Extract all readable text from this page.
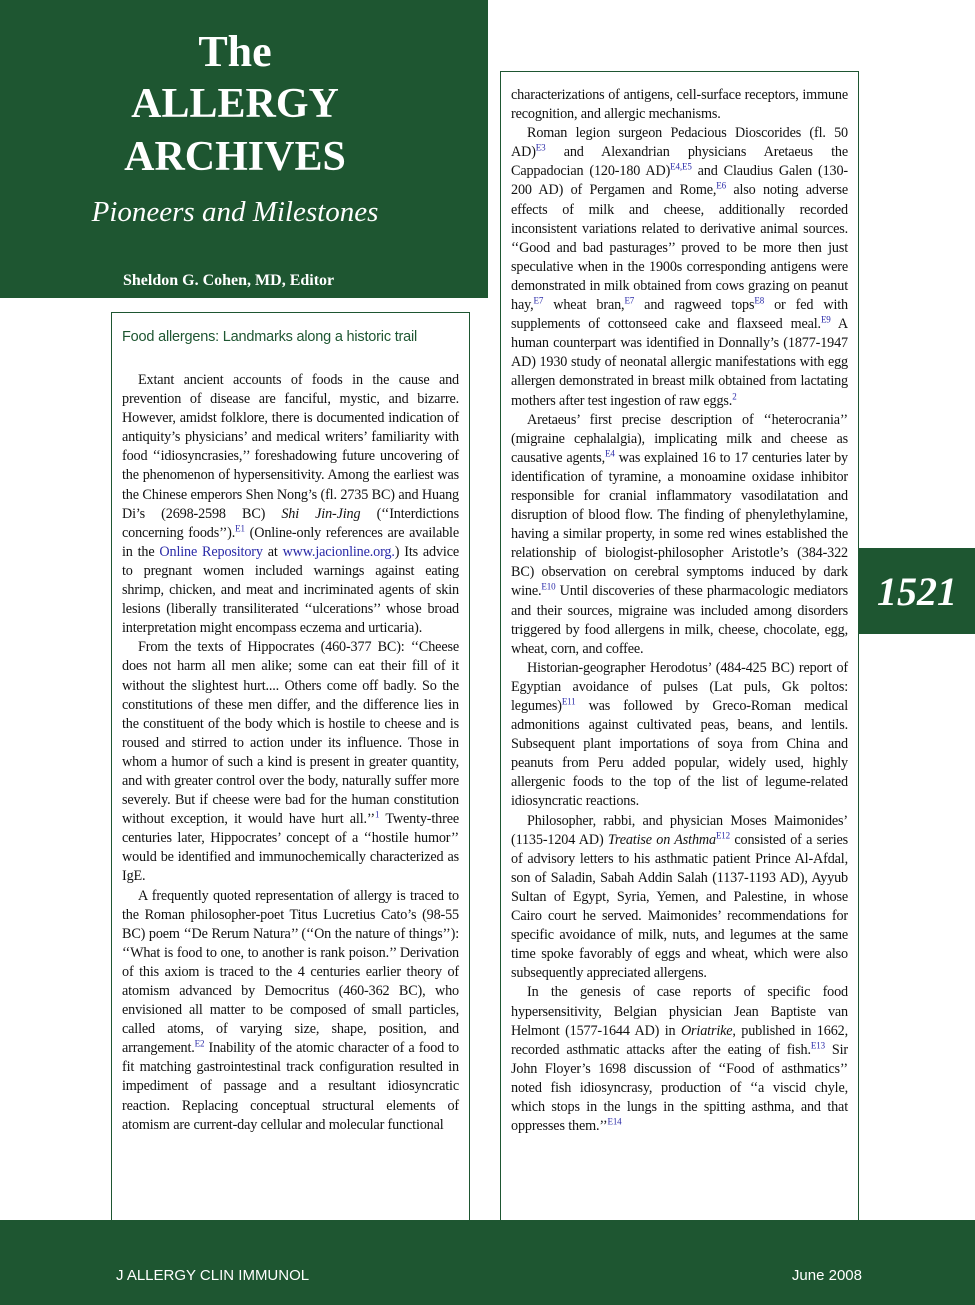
The
ALLERGY
ARCHIVES
Pioneers and Milestones
Sheldon G. Cohen, MD, Editor
Food allergens: Landmarks along a historic trail

Extant ancient accounts of foods in the cause and prevention of disease are fanciful, mystic, and bizarre. However, amidst folklore, there is documented indication of antiquity’s physicians’ and medical writers’ familiarity with food ‘‘idiosyncrasies,’’ foreshadowing future uncovering of the phenomenon of hypersensitivity. Among the earliest was the Chinese emperors Shen Nong’s (fl. 2735 BC) and Huang Di’s (2698-2598 BC) Shi Jin-Jing (‘‘Interdictions concerning foods’’).$^{E1}$ (Online-only references are available in the Online Repository at www.jacionline.org.) Its advice to pregnant women included warnings against eating shrimp, chicken, and meat and incriminated agents of skin lesions (liberally transiliterated ‘‘ulcerations’’ whose broad interpretation might encompass eczema and urticaria).

From the texts of Hippocrates (460-377 BC): ‘‘Cheese does not harm all men alike; some can eat their fill of it without the slightest hurt.... Others come off badly. So the constitutions of these men differ, and the difference lies in the constituent of the body which is hostile to cheese and is roused and stirred to action under its influence. Those in whom a humor of such a kind is present in greater quantity, and with greater control over the body, naturally suffer more severely. But if cheese were bad for the human constitution without exception, it would have hurt all.’’$^1$ Twenty-three centuries later, Hippocrates’ concept of a ‘‘hostile humor’’ would be identified and immunochemically characterized as IgE.

A frequently quoted representation of allergy is traced to the Roman philosopher-poet Titus Lucretius Cato’s (98-55 BC) poem ‘‘De Rerum Natura’’ (‘‘On the nature of things’’): ‘‘What is food to one, to another is rank poison.’’ Derivation of this axiom is traced to the 4 centuries earlier theory of atomism advanced by Democritus (460-362 BC), who envisioned all matter to be composed of small particles, called atoms, of varying size, shape, position, and arrangement.$^{E2}$ Inability of the atomic character of a food to fit matching gastrointestinal track configuration resulted in impediment of passage and a resultant idiosyncratic reaction. Replacing conceptual structural elements of atomism are current-day cellular and molecular functional

characterizations of antigens, cell-surface receptors, immune recognition, and allergic mechanisms.

Roman legion surgeon Pedacious Dioscorides (fl. 50 AD)$^{E3}$ and Alexandrian physicians Aretaeus the Cappadocian (120-180 AD)$^{E4,E5}$ and Claudius Galen (130-200 AD) of Pergamen and Rome,$^{E6}$ also noting adverse effects of milk and cheese, additionally recorded inconsistent variations related to derivative animal sources. ‘‘Good and bad pasturages’’ proved to be more then just speculative when in the 1900s corresponding antigens were demonstrated in milk obtained from cows grazing on peanut hay,$^{E7}$ wheat bran,$^{E7}$ and ragweed tops$^{E8}$ or fed with supplements of cottonseed cake and flaxseed meal.$^{E9}$ A human counterpart was identified in Donnally’s (1877-1947 AD) 1930 study of neonatal allergic manifestations with egg allergen demonstrated in breast milk obtained from lactating mothers after test ingestion of raw eggs.$^2$

Aretaeus’ first precise description of ‘‘heterocrania’’ (migraine cephalalgia), implicating milk and cheese as causative agents,$^{E4}$ was explained 16 to 17 centuries later by identification of tyramine, a monoamine oxidase inhibitor responsible for cranial inflammatory vasodilatation and disruption of blood flow. The finding of phenylethylamine, having a similar property, in some red wines established the relationship of biologist-philosopher Aristotle’s (384-322 BC) observation on cerebral symptoms induced by dark wine.$^{E10}$ Until discoveries of these pharmacologic mediators and their sources, migraine was included among disorders triggered by food allergens in milk, cheese, chocolate, egg, wheat, corn, and coffee.

Historian-geographer Herodotus’ (484-425 BC) report of Egyptian avoidance of pulses (Lat puls, Gk poltos: legumes)$^{E11}$ was followed by Greco-Roman medical admonitions against cultivated peas, beans, and lentils. Subsequent plant importations of soya from China and peanuts from Peru added popular, widely used, highly allergenic foods to the top of the list of legume-related idiosyncratic reactions.

Philosopher, rabbi, and physician Moses Maimonides’ (1135-1204 AD) Treatise on Asthma$^{E12}$ consisted of a series of advisory letters to his asthmatic patient Prince Al-Afdal, son of Saladin, Sabah Addin Salah (1137-1193 AD), Ayyub Sultan of Egypt, Syria, Yemen, and Palestine, in whose Cairo court he served. Maimonides’ recommendations for specific avoidance of milk, nuts, and legumes at the same time spoke favorably of eggs and wheat, which were also subsequently appreciated allergens.

In the genesis of case reports of specific food hypersensitivity, Belgian physician Jean Baptiste van Helmont (1577-1644 AD) in Oriatrike, published in 1662, recorded asthmatic attacks after the eating of fish.$^{E13}$ Sir John Floyer’s 1698 discussion of ‘‘Food of asthmatics’’ noted fish idiosyncrasy, production of ‘‘a viscid chyle, which stops in the lungs in the spitting asthma, and that oppresses them.’’$^{E14}$

1521
J ALLERGY CLIN IMMUNOL	June 2008
